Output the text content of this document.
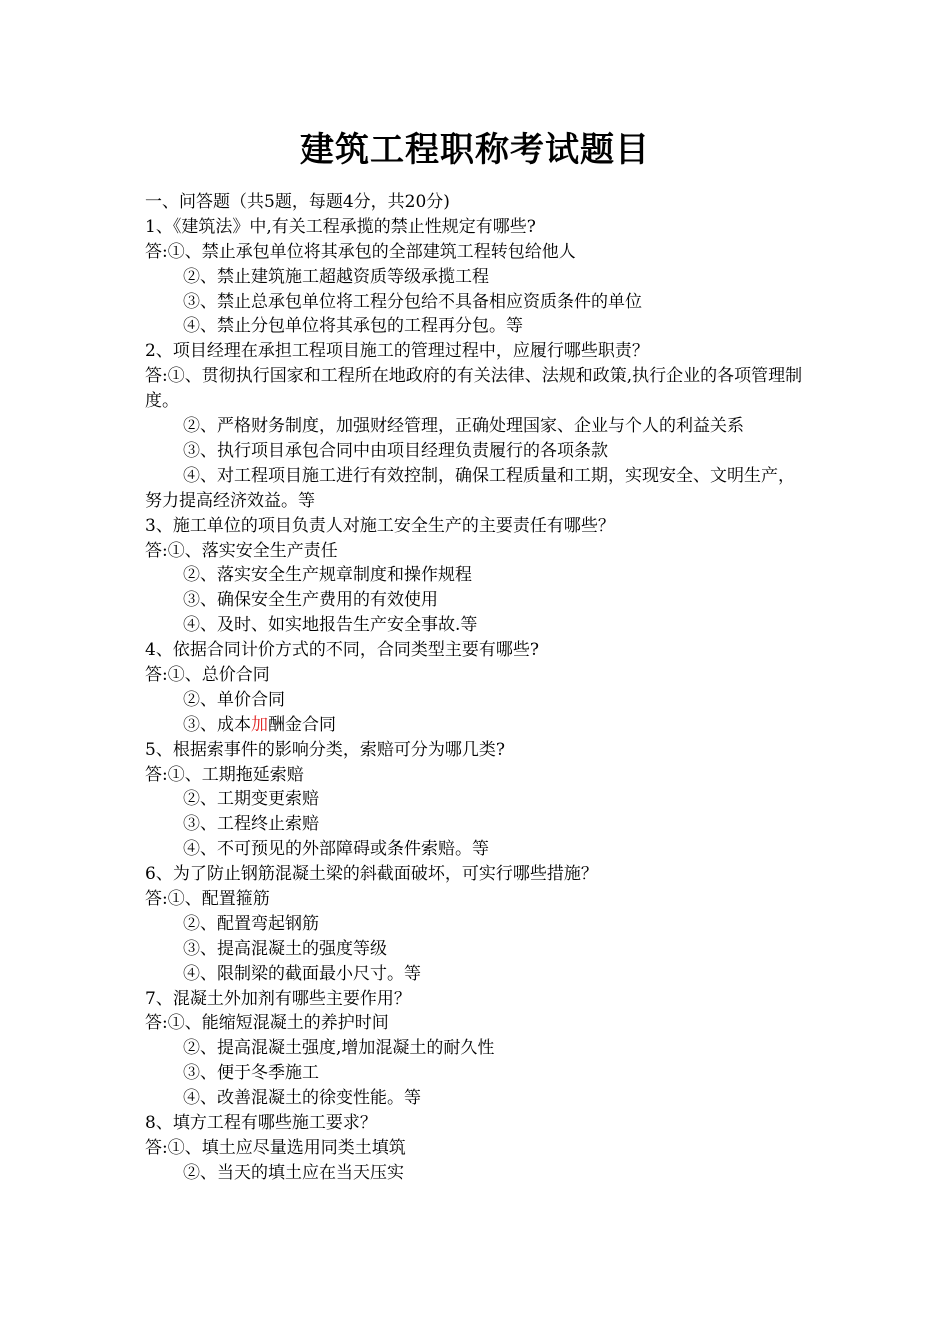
建筑工程职称考试题目
一、问答题（共5题，每题4分，共20分)
1、《建筑法》中,有关工程承揽的禁止性规定有哪些?
答:①、禁止承包单位将其承包的全部建筑工程转包给他人
②、禁止建筑施工超越资质等级承揽工程
③、禁止总承包单位将工程分包给不具备相应资质条件的单位
④、禁止分包单位将其承包的工程再分包。等
2、项目经理在承担工程项目施工的管理过程中，应履行哪些职责？
答:①、贯彻执行国家和工程所在地政府的有关法律、法规和政策,执行企业的各项管理制度。
②、严格财务制度，加强财经管理，正确处理国家、企业与个人的利益关系
③、执行项目承包合同中由项目经理负责履行的各项条款
④、对工程项目施工进行有效控制，确保工程质量和工期，实现安全、文明生产，努力提高经济效益。等
3、施工单位的项目负责人对施工安全生产的主要责任有哪些？
答:①、落实安全生产责任
②、落实安全生产规章制度和操作规程
③、确保安全生产费用的有效使用
④、及时、如实地报告生产安全事故.等
4、依据合同计价方式的不同，合同类型主要有哪些?
答:①、总价合同
②、单价合同
③、成本加酬金合同
5、根据索事件的影响分类，索赔可分为哪几类?
答:①、工期拖延索赔
②、工期变更索赔
③、工程终止索赔
④、不可预见的外部障碍或条件索赔。等
6、为了防止钢筋混凝土梁的斜截面破坏，可实行哪些措施？
答:①、配置箍筋
②、配置弯起钢筋
③、提高混凝土的强度等级
④、限制梁的截面最小尺寸。等
7、混凝土外加剂有哪些主要作用？
答:①、能缩短混凝土的养护时间
②、提高混凝土强度,增加混凝土的耐久性
③、便于冬季施工
④、改善混凝土的徐变性能。等
8、填方工程有哪些施工要求？
答:①、填土应尽量选用同类土填筑
②、当天的填土应在当天压实
